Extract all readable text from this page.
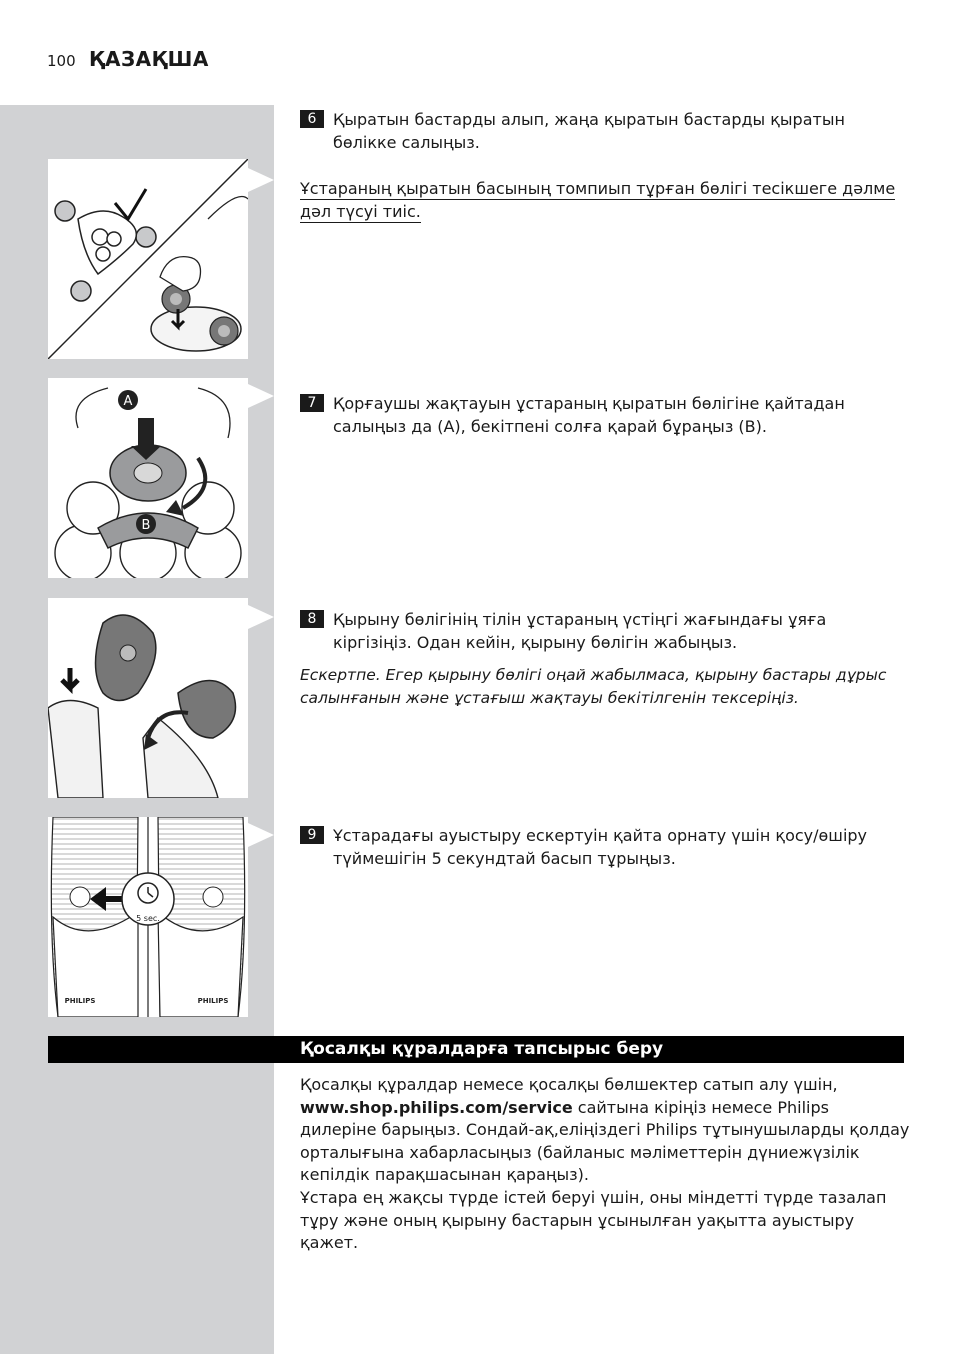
100 ҚАЗАҚША
A
B
5 sec.
PHILIPS	PHILIPS
6	Қыратын бастарды алып, жаңа қыратын бастарды қыратын бөлікке салыңыз.
Ұстараның қыратын басының томпиып тұрған бөлігі тесікшеге дәлме дәл түсуі тиіс.
7	Қорғаушы жақтауын ұстараның қыратын бөлігіне қайтадан салыңыз да (A), бекітпені солға қарай бұраңыз (B).
8	Қырыну бөлігінің тілін ұстараның үстіңгі жағындағы ұяға кіргізіңіз. Одан кейін, қырыну бөлігін жабыңыз.
Ескертпе. Егер қырыну бөлігі оңай жабылмаса, қырыну бастары дұрыс салынғанын және ұстағыш жақтауы бекітілгенін тексеріңіз.
9	Ұстарадағы ауыстыру ескертуін қайта орнату үшін қосу/өшіру түймешігін 5 секундтай басып тұрыңыз.
Қосалқы құралдарға тапсырыс беру
Қосалқы құралдар немесе қосалқы бөлшектер сатып алу үшін, www.shop.philips.com/service сайтына кіріңіз немесе Philips дилеріне барыңыз. Сондай-ақ,еліңіздегі Philips тұтынушыларды қолдау орталығына хабарласыңыз (байланыс мәліметтерін дүниежүзілік кепілдік парақшасынан қараңыз).
Ұстара ең жақсы түрде істей беруі үшін, оны міндетті түрде тазалап тұру және оның қырыну бастарын ұсынылған уақытта ауыстыру қажет.
